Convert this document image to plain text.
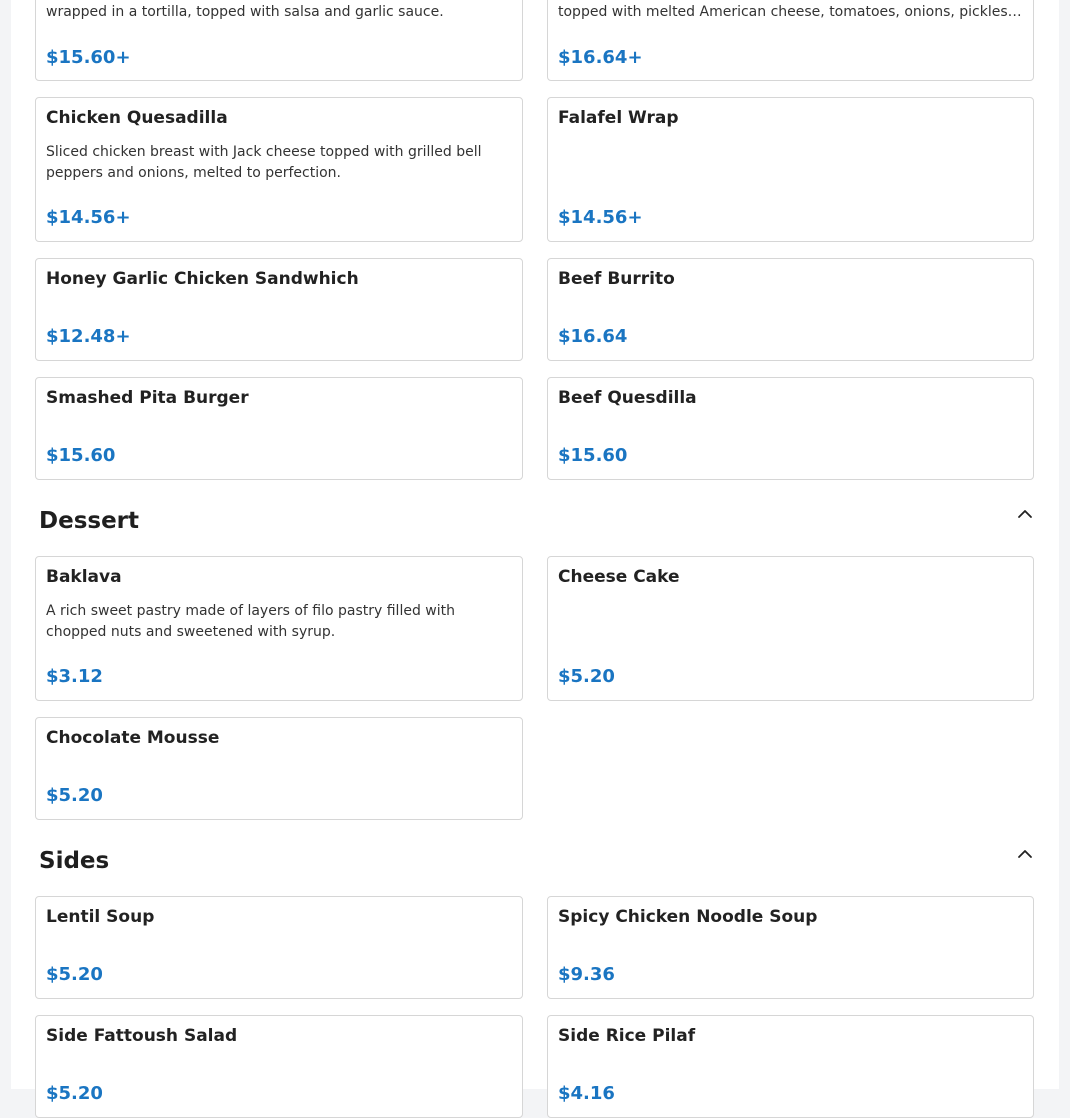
wrapped in a tortilla, topped with salsa and garlic sauce.
$15.60+
topped with melted American cheese, tomatoes, onions, pickles…
$16.64+
Chicken Quesadilla
Sliced chicken breast with Jack cheese topped with grilled bell peppers and onions, melted to perfection.
$14.56+
Falafel Wrap
$14.56+
Honey Garlic Chicken Sandwhich
$12.48+
Beef Burrito
$16.64
Smashed Pita Burger
$15.60
Beef Quesdilla
$15.60
Dessert
Baklava
A rich sweet pastry made of layers of filo pastry filled with chopped nuts and sweetened with syrup.
$3.12
Cheese Cake
$5.20
Chocolate Mousse
$5.20
Sides
Lentil Soup
$5.20
Spicy Chicken Noodle Soup
$9.36
Side Fattoush Salad
$5.20
Side Rice Pilaf
$4.16
